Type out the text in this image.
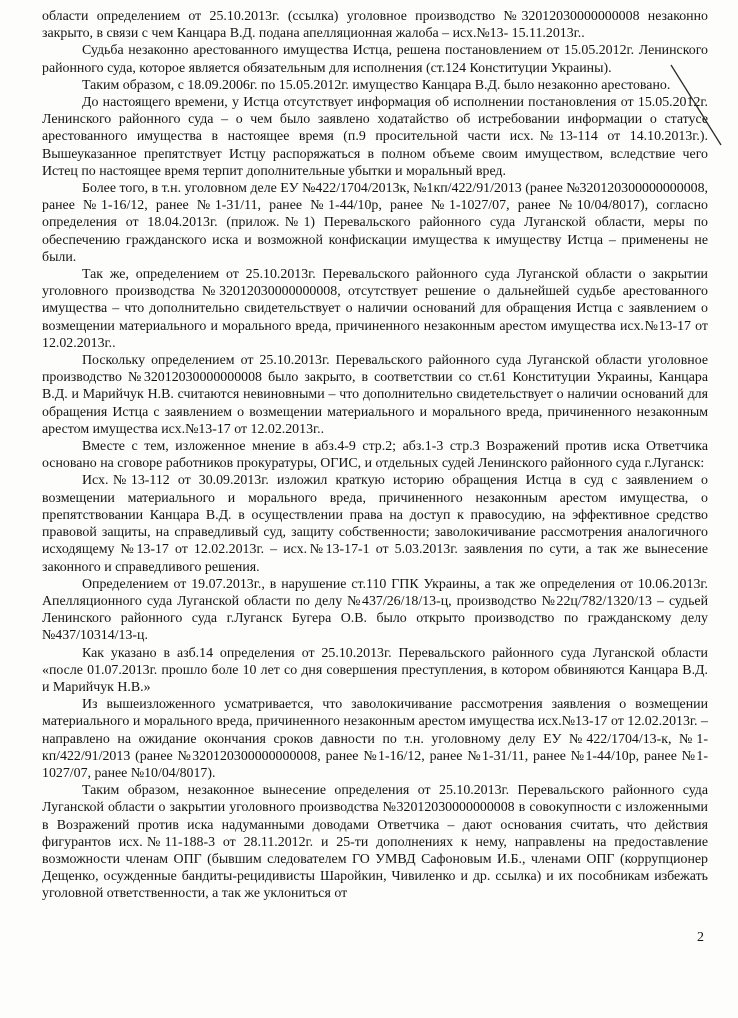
области определением от 25.10.2013г. (ссылка) уголовное производство №32012030000000008 незаконно закрыто, в связи с чем Канцара В.Д. подана апелляционная жалоба – исх.№13- 15.11.2013г..

Судьба незаконно арестованного имущества Истца, решена постановлением от 15.05.2012г. Ленинского районного суда, которое является обязательным для исполнения (ст.124 Конституции Украины).

Таким образом, с 18.09.2006г. по 15.05.2012г. имущество Канцара В.Д. было незаконно арестовано.

До настоящего времени, у Истца отсутствует информация об исполнении постановления от 15.05.2012г. Ленинского районного суда – о чем было заявлено ходатайство об истребовании информации о статусе арестованного имущества в настоящее время (п.9 просительной части исх.№13-114 от 14.10.2013г.). Вышеуказанное препятствует Истцу распоряжаться в полном объеме своим имуществом, вследствие чего Истец по настоящее время терпит дополнительные убытки и моральный вред.

Более того, в т.н. уголовном деле ЕУ №422/1704/2013к, №1кп/422/91/2013 (ранее №320120300000000008, ранее №1-16/12, ранее №1-31/11, ранее №1-44/10р, ранее №1-1027/07, ранее №10/04/8017), согласно определения от 18.04.2013г. (прилож.№1) Перевальского районного суда Луганской области, меры по обеспечению гражданского иска и возможной конфискации имущества к имуществу Истца – применены не были.

Так же, определением от 25.10.2013г. Перевальского районного суда Луганской области о закрытии уголовного производства №32012030000000008, отсутствует решение о дальнейшей судьбе арестованного имущества – что дополнительно свидетельствует о наличии оснований для обращения Истца с заявлением о возмещении материального и морального вреда, причиненного незаконным арестом имущества исх.№13-17 от 12.02.2013г..

Поскольку определением от 25.10.2013г. Перевальского районного суда Луганской области уголовное производство №32012030000000008 было закрыто, в соответствии со ст.61 Конституции Украины, Канцара В.Д. и Марийчук Н.В. считаются невиновными – что дополнительно свидетельствует о наличии оснований для обращения Истца с заявлением о возмещении материального и морального вреда, причиненного незаконным арестом имущества исх.№13-17 от 12.02.2013г..

Вместе с тем, изложенное мнение в абз.4-9 стр.2; абз.1-3 стр.3 Возражений против иска Ответчика основано на сговоре работников прокуратуры, ОГИС, и отдельных судей Ленинского районного суда г.Луганск:

Исх.№13-112 от 30.09.2013г. изложил краткую историю обращения Истца в суд с заявлением о возмещении материального и морального вреда, причиненного незаконным арестом имущества, о препятствовании Канцара В.Д. в осуществлении права на доступ к правосудию, на эффективное средство правовой защиты, на справедливый суд, защиту собственности; заволокичивание рассмотрения аналогичного исходящему №13-17 от 12.02.2013г. – исх.№13-17-1 от 5.03.2013г. заявления по сути, а так же вынесение законного и справедливого решения.

Определением от 19.07.2013г., в нарушение ст.110 ГПК Украины, а так же определения от 10.06.2013г. Апелляционного суда Луганской области по делу №437/26/18/13-ц, производство №22ц/782/1320/13 – судьей Ленинского районного суда г.Луганск Бугера О.В. было открыто производство по гражданскому делу №437/10314/13-ц.

Как указано в азб.14 определения от 25.10.2013г. Перевальского районного суда Луганской области «после 01.07.2013г. прошло боле 10 лет со дня совершения преступления, в котором обвиняются Канцара В.Д. и Марийчук Н.В.»

Из вышеизложенного усматривается, что заволокичивание рассмотрения заявления о возмещении материального и морального вреда, причиненного незаконным арестом имущества исх.№13-17 от 12.02.2013г. – направлено на ожидание окончания сроков давности по т.н. уголовному делу ЕУ №422/1704/13-к, №1-кп/422/91/2013 (ранее №320120300000000008, ранее №1-16/12, ранее №1-31/11, ранее №1-44/10р, ранее №1-1027/07, ранее №10/04/8017).

Таким образом, незаконное вынесение определения от 25.10.2013г. Перевальского районного суда Луганской области о закрытии уголовного производства №32012030000000008 в совокупности с изложенными в Возражений против иска надуманными доводами Ответчика – дают основания считать, что действия фигурантов исх.№11-188-3 от 28.11.2012г. и 25-ти дополнениях к нему, направлены на предоставление возможности членам ОПГ (бывшим следователем ГО УМВД Сафоновым И.Б., членами ОПГ (коррупционер Дещенко, осужденные бандиты-рецидивисты Шаройкин, Чивиленко и др. ссылка) и их пособникам избежать уголовной ответственности, а так же уклониться от

2
